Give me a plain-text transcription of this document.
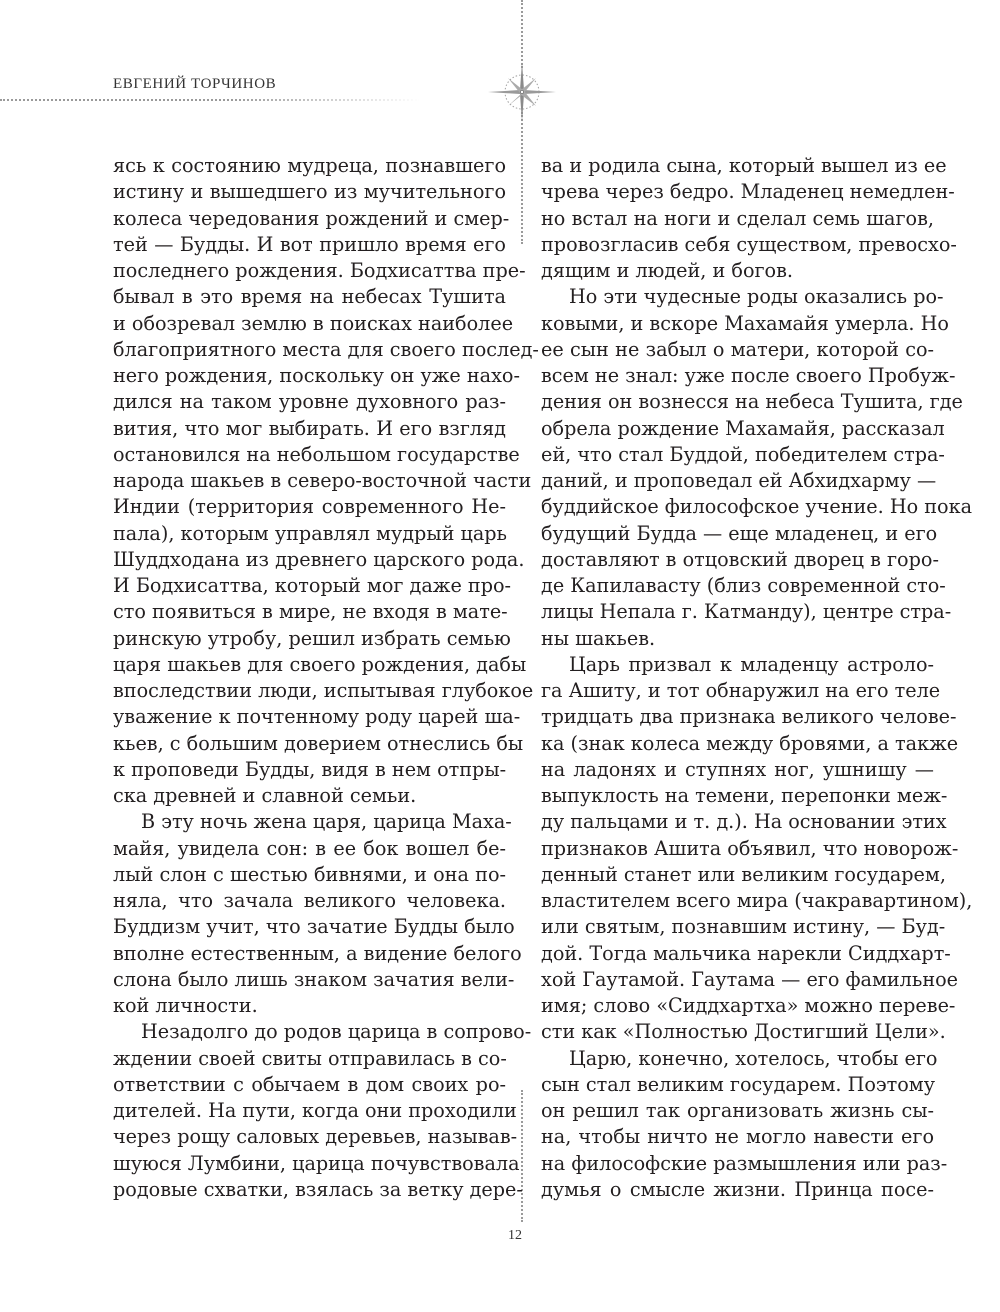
ЕВГЕНИЙ ТОРЧИНОВ
ясь к состоянию мудреца, познавшего
истину и вышедшего из мучительного
колеса чередования рождений и смер-
тей — Будды. И вот пришло время его
последнего рождения. Бодхисаттва пре-
бывал в это время на небесах Тушита
и обозревал землю в поисках наиболее
благоприятного места для своего послед-
него рождения, поскольку он уже нахо-
дился на таком уровне духовного раз-
вития, что мог выбирать. И его взгляд
остановился на небольшом государстве
народа шакьев в северо-восточной части
Индии (территория современного Не-
пала), которым управлял мудрый царь
Шуддходана из древнего царского рода.
И Бодхисаттва, который мог даже про-
сто появиться в мире, не входя в мате-
ринскую утробу, решил избрать семью
царя шакьев для своего рождения, дабы
впоследствии люди, испытывая глубокое
уважение к почтенному роду царей ша-
кьев, с большим доверием отнеслись бы
к проповеди Будды, видя в нем отпры-
ска древней и славной семьи.
В эту ночь жена царя, царица Маха-
майя, увидела сон: в ее бок вошел бе-
лый слон с шестью бивнями, и она по-
няла, что зачала великого человека.
Буддизм учит, что зачатие Будды было
вполне естественным, а видение белого
слона было лишь знаком зачатия вели-
кой личности.
Незадолго до родов царица в сопрово-
ждении своей свиты отправилась в со-
ответствии с обычаем в дом своих ро-
дителей. На пути, когда они проходили
через рощу саловых деревьев, называв-
шуюся Лумбини, царица почувствовала
родовые схватки, взялась за ветку дере-
ва и родила сына, который вышел из ее
чрева через бедро. Младенец немедлен-
но встал на ноги и сделал семь шагов,
провозгласив себя существом, превосхо-
дящим и людей, и богов.
Но эти чудесные роды оказались ро-
ковыми, и вскоре Махамайя умерла. Но
ее сын не забыл о матери, которой со-
всем не знал: уже после своего Пробуж-
дения он вознесся на небеса Тушита, где
обрела рождение Махамайя, рассказал
ей, что стал Буддой, победителем стра-
даний, и проповедал ей Абхидхарму —
буддийское философское учение. Но пока
будущий Будда — еще младенец, и его
доставляют в отцовский дворец в горо-
де Капилавасту (близ современной сто-
лицы Непала г. Катманду), центре стра-
ны шакьев.
Царь призвал к младенцу астроло-
га Ашиту, и тот обнаружил на его теле
тридцать два признака великого челове-
ка (знак колеса между бровями, а также
на ладонях и ступнях ног, ушнишу —
выпуклость на темени, перепонки меж-
ду пальцами и т. д.). На основании этих
признаков Ашита объявил, что новорож-
денный станет или великим государем,
властителем всего мира (чакравартином),
или святым, познавшим истину, — Буд-
дой. Тогда мальчика нарекли Сиддхарт-
хой Гаутамой. Гаутама — его фамильное
имя; слово «Сиддхартха» можно переве-
сти как «Полностью Достигший Цели».
Царю, конечно, хотелось, чтобы его
сын стал великим государем. Поэтому
он решил так организовать жизнь сы-
на, чтобы ничто не могло навести его
на философские размышления или раз-
думья о смысле жизни. Принца посе-
12
